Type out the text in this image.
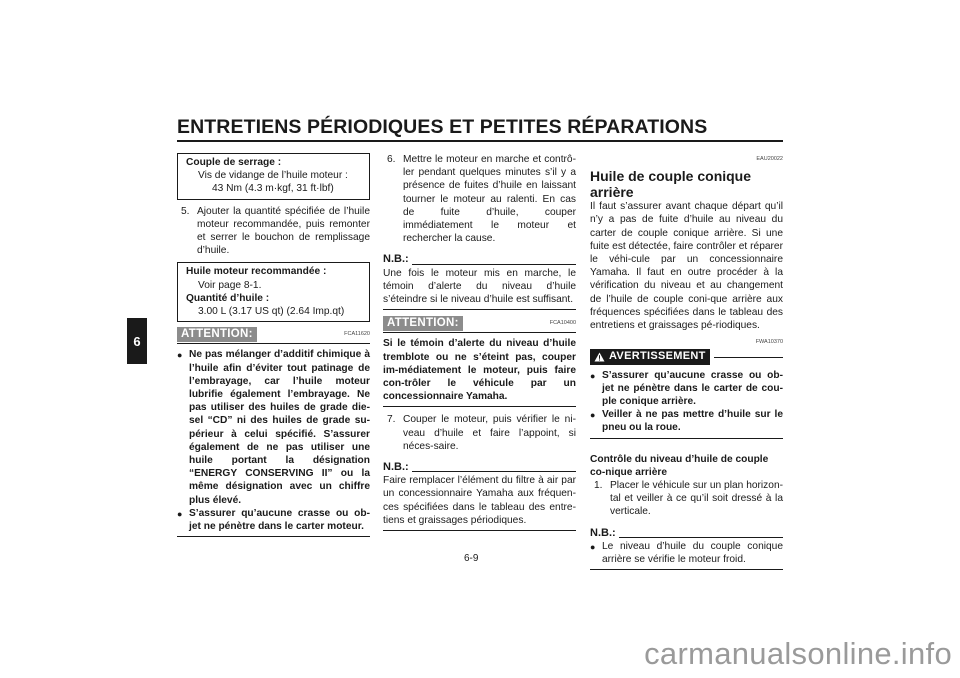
ENTRETIENS PÉRIODIQUES ET PETITES RÉPARATIONS
6
Couple de serrage :
Vis de vidange de l’huile moteur :
43 Nm (4.3 m·kgf, 31 ft·lbf)
5. Ajouter la quantité spécifiée de l’huile moteur recommandée, puis remonter et serrer le bouchon de remplissage d’huile.
Huile moteur recommandée :
Voir page 8-1.
Quantité d’huile :
3.00 L (3.17 US qt) (2.64 Imp.qt)
ATTENTION:	FCA11620
● Ne pas mélanger d’additif chimique à l’huile afin d’éviter tout patinage de l’embrayage, car l’huile moteur lubrifie également l’embrayage. Ne pas utiliser des huiles de grade die-sel “CD” ni des huiles de grade su-périeur à celui spécifié. S’assurer également de ne pas utiliser une huile portant la désignation “ENERGY CONSERVING II” ou la même désignation avec un chiffre plus élevé.
● S’assurer qu’aucune crasse ou ob-jet ne pénètre dans le carter moteur.
6. Mettre le moteur en marche et contrô-ler pendant quelques minutes s’il y a présence de fuites d’huile en laissant tourner le moteur au ralenti. En cas de fuite d’huile, couper immédiatement le moteur et rechercher la cause.
N.B.:
Une fois le moteur mis en marche, le témoin d’alerte du niveau d’huile s’éteindre si le niveau d’huile est suffisant.
ATTENTION:	FCA10400
Si le témoin d’alerte du niveau d’huile tremblote ou ne s’éteint pas, couper im-médiatement le moteur, puis faire con-trôler le véhicule par un concessionnaire Yamaha.
7. Couper le moteur, puis vérifier le ni-veau d’huile et faire l’appoint, si néces-saire.
N.B.:
Faire remplacer l’élément du filtre à air par un concessionnaire Yamaha aux fréquen-ces spécifiées dans le tableau des entre-tiens et graissages périodiques.
EAU20022
Huile de couple conique arrière
Il faut s’assurer avant chaque départ qu’il n’y a pas de fuite d’huile au niveau du carter de couple conique arrière. Si une fuite est détectée, faire contrôler et réparer le véhi-cule par un concessionnaire Yamaha. Il faut en outre procéder à la vérification du niveau et au changement de l’huile de couple coni-que arrière aux fréquences spécifiées dans le tableau des entretiens et graissages pé-riodiques.
FWA10370
AVERTISSEMENT
● S’assurer qu’aucune crasse ou ob-jet ne pénètre dans le carter de cou-ple conique arrière.
● Veiller à ne pas mettre d’huile sur le pneu ou la roue.
Contrôle du niveau d’huile de couple co-nique arrière
1. Placer le véhicule sur un plan horizon-tal et veiller à ce qu’il soit dressé à la verticale.
N.B.:
● Le niveau d’huile du couple conique arrière se vérifie le moteur froid.
6-9
carmanualsonline.info
